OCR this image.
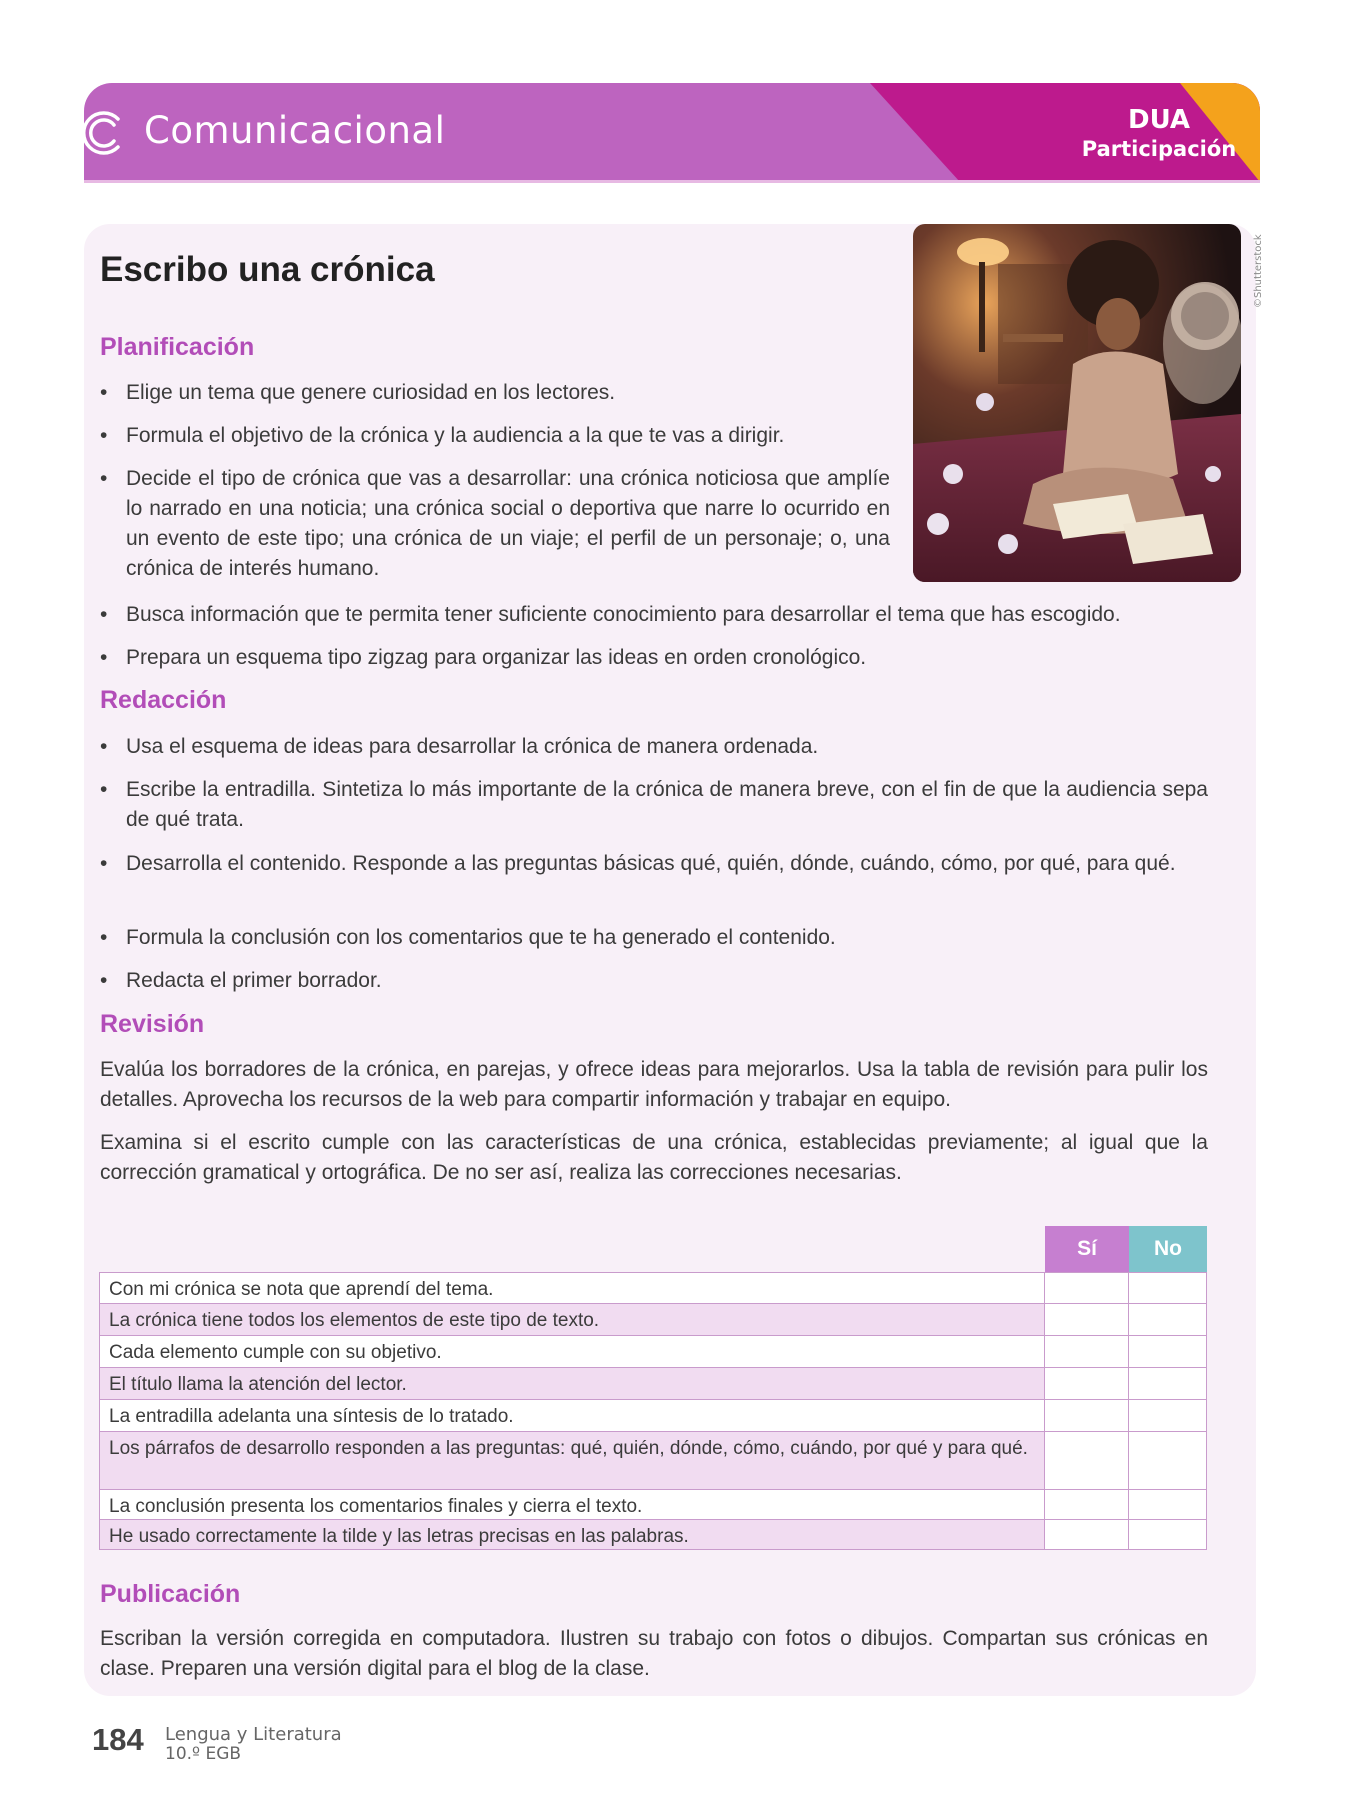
Comunicacional	DUA
Participación
©Shutterstock
Escribo una crónica
Planificación
• Elige un tema que genere curiosidad en los lectores.
• Formula el objetivo de la crónica y la audiencia a la que te vas a dirigir.
• Decide el tipo de crónica que vas a desarrollar: una crónica noticiosa que amplíe lo narrado en una noticia; una crónica social o deportiva que narre lo ocurrido en un evento de este tipo; una crónica de un viaje; el perfil de un personaje; o, una crónica de interés humano.
• Busca información que te permita tener suficiente conocimiento para desarrollar el tema que has escogido.
• Prepara un esquema tipo zigzag para organizar las ideas en orden cronológico.
Redacción
• Usa el esquema de ideas para desarrollar la crónica de manera ordenada.
• Escribe la entradilla. Sintetiza lo más importante de la crónica de manera breve, con el fin de que la audiencia sepa de qué trata.
• Desarrolla el contenido. Responde a las preguntas básicas qué, quién, dónde, cuándo, cómo, por qué, para qué.
• Formula la conclusión con los comentarios que te ha generado el contenido.
• Redacta el primer borrador.
Revisión
Evalúa los borradores de la crónica, en parejas, y ofrece ideas para mejorarlos. Usa la tabla de revisión para pulir los detalles. Aprovecha los recursos de la web para compartir información y trabajar en equipo.
Examina si el escrito cumple con las características de una crónica, establecidas previamente; al igual que la corrección gramatical y ortográfica. De no ser así, realiza las correcciones necesarias.
Sí	No
Con mi crónica se nota que aprendí del tema.
La crónica tiene todos los elementos de este tipo de texto.
Cada elemento cumple con su objetivo.
El título llama la atención del lector.
La entradilla adelanta una síntesis de lo tratado.
Los párrafos de desarrollo responden a las preguntas: qué, quién, dónde, cómo, cuándo, por qué y para qué.
La conclusión presenta los comentarios finales y cierra el texto.
He usado correctamente la tilde y las letras precisas en las palabras.
Publicación
Escriban la versión corregida en computadora. Ilustren su trabajo con fotos o dibujos. Compartan sus crónicas en clase. Preparen una versión digital para el blog de la clase.
184 Lengua y Literatura
10.º EGB
